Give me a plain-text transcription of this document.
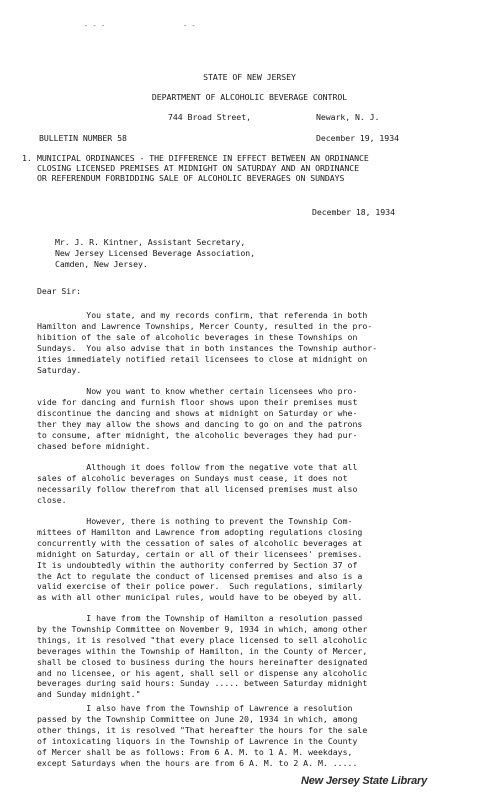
- - -	- -
STATE OF NEW JERSEY
DEPARTMENT OF ALCOHOLIC BEVERAGE CONTROL
744 Broad Street,	Newark, N. J.
BULLETIN NUMBER 58	December 19, 1934
1. MUNICIPAL ORDINANCES - THE DIFFERENCE IN EFFECT BETWEEN AN ORDINANCE
CLOSING LICENSED PREMISES AT MIDNIGHT ON SATURDAY AND AN ORDINANCE
OR REFERENDUM FORBIDDING SALE OF ALCOHOLIC BEVERAGES ON SUNDAYS
December 18, 1934
Mr. J. R. Kintner, Assistant Secretary,
New Jersey Licensed Beverage Association,
Camden, New Jersey.
Dear Sir:
You state, and my records confirm, that referenda in both
Hamilton and Lawrence Townships, Mercer County, resulted in the pro-
hibition of the sale of alcoholic beverages in these Townships on
Sundays.  You also advise that in both instances the Township author-
ities immediately notified retail licensees to close at midnight on
Saturday.
Now you want to know whether certain licensees who pro-
vide for dancing and furnish floor shows upon their premises must
discontinue the dancing and shows at midnight on Saturday or whe-
ther they may allow the shows and dancing to go on and the patrons
to consume, after midnight, the alcoholic beverages they had pur-
chased before midnight.
Although it does follow from the negative vote that all
sales of alcoholic beverages on Sundays must cease, it does not
necessarily follow therefrom that all licensed premises must also
close.
However, there is nothing to prevent the Township Com-
mittees of Hamilton and Lawrence from adopting regulations closing
concurrently with the cessation of sales of alcoholic beverages at
midnight on Saturday, certain or all of their licensees' premises.
It is undoubtedly within the authority conferred by Section 37 of
the Act to regulate the conduct of licensed premises and also is a
valid exercise of their police power.  Such regulations, similarly
as with all other municipal rules, would have to be obeyed by all.
I have from the Township of Hamilton a resolution passed
by the Township Committee on November 9, 1934 in which, among other
things, it is resolved "that every place licensed to sell alcoholic
beverages within the Township of Hamilton, in the County of Mercer,
shall be closed to business during the hours hereinafter designated
and no licensee, or his agent, shall sell or dispense any alcoholic
beverages during said hours: Sunday ..... between Saturday midnight
and Sunday midnight."
I also have from the Township of Lawrence a resolution
passed by the Township Committee on June 20, 1934 in which, among
other things, it is resolved "That hereafter the hours for the sale
of intoxicating liquors in the Township of Lawrence in the County
of Mercer shall be as follows: From 6 A. M. to 1 A. M. weekdays,
except Saturdays when the hours are from 6 A. M. to 2 A. M. .....
New Jersey State Library
